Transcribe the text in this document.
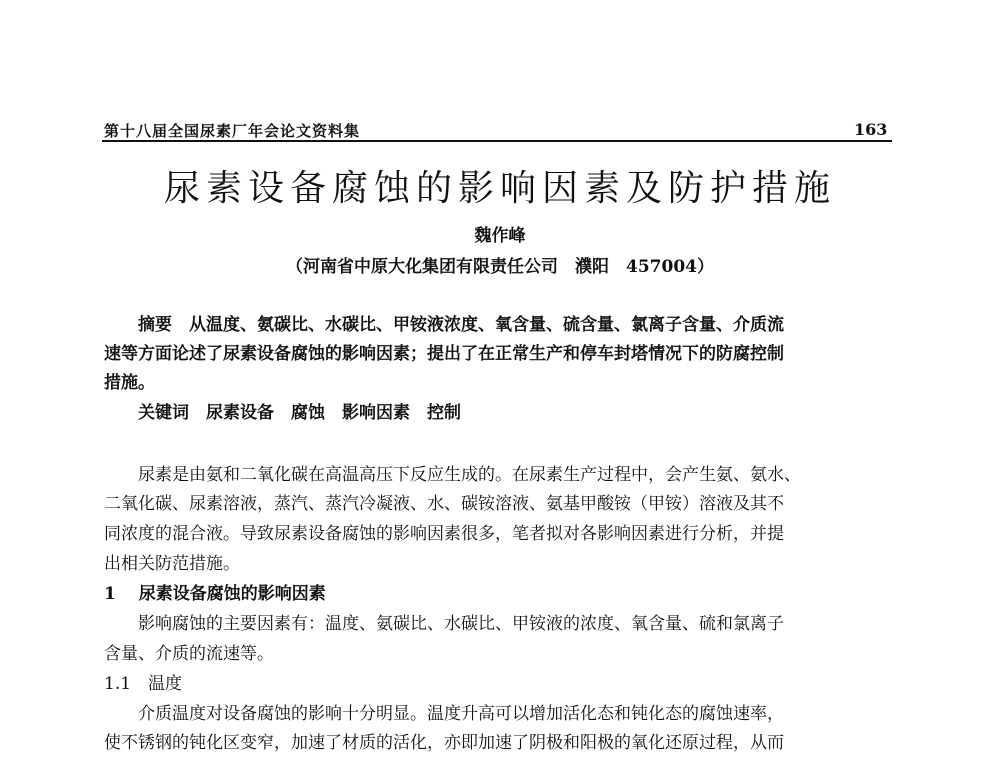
第十八届全国尿素厂年会论文资料集	163
尿素设备腐蚀的影响因素及防护措施
魏作峰
（河南省中原大化集团有限责任公司　濮阳　457004）
　　摘要　从温度、氨碳比、水碳比、甲铵液浓度、氧含量、硫含量、氯离子含量、介质流
速等方面论述了尿素设备腐蚀的影响因素；提出了在正常生产和停车封塔情况下的防腐控制
措施。
　　关键词　尿素设备　腐蚀　影响因素　控制
　　尿素是由氨和二氧化碳在高温高压下反应生成的。在尿素生产过程中，会产生氨、氨水、
二氧化碳、尿素溶液，蒸汽、蒸汽冷凝液、水、碳铵溶液、氨基甲酸铵（甲铵）溶液及其不
同浓度的混合液。导致尿素设备腐蚀的影响因素很多，笔者拟对各影响因素进行分析，并提
出相关防范措施。
1　 尿素设备腐蚀的影响因素
　　影响腐蚀的主要因素有：温度、氨碳比、水碳比、甲铵液的浓度、氧含量、硫和氯离子
含量、介质的流速等。
1.1　温度
　　介质温度对设备腐蚀的影响十分明显。温度升高可以增加活化态和钝化态的腐蚀速率，
使不锈钢的钝化区变窄，加速了材质的活化，亦即加速了阴极和阳极的氧化还原过程，从而
